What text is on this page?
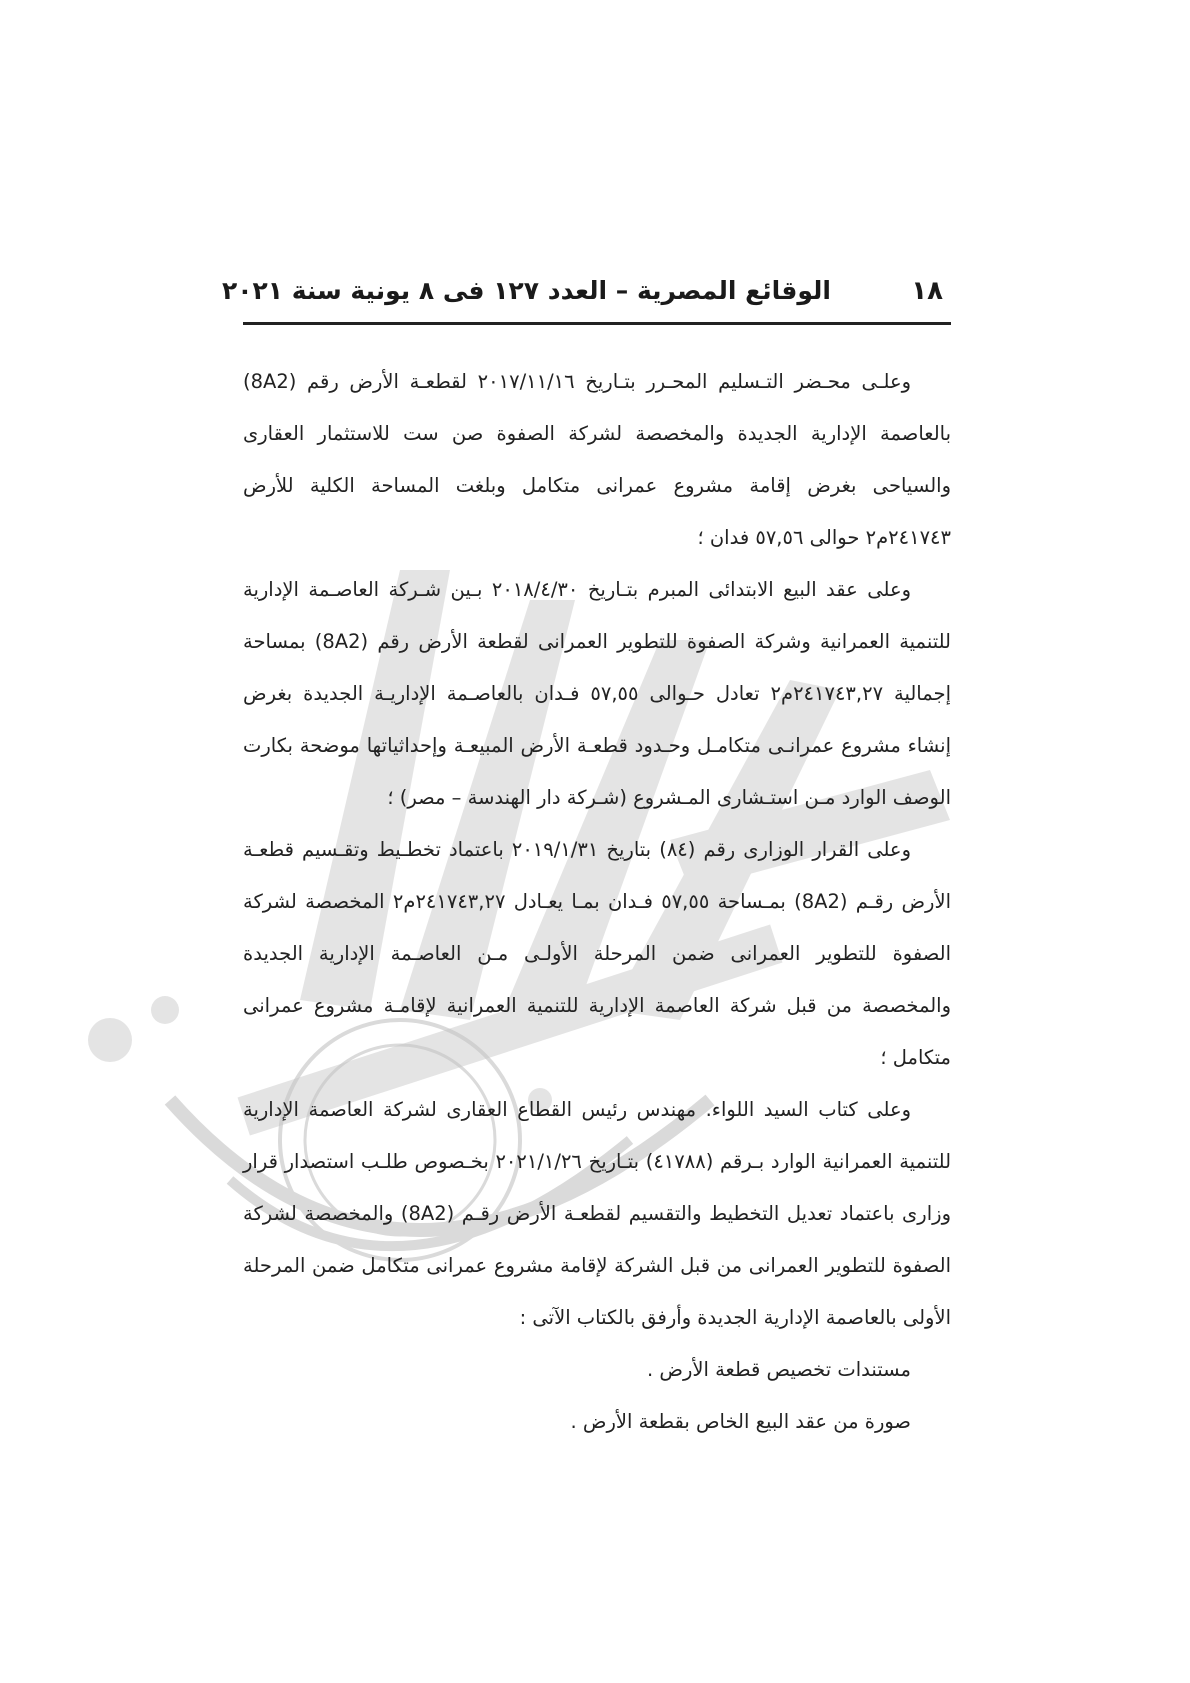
١٨
الوقائع المصرية – العدد ١٢٧ فى ٨ يونية سنة ٢٠٢١

وعلـى محـضر التـسليم المحـرر بتـاريخ ٢٠١٧/١١/١٦ لقطعـة الأرض رقم (8A2) بالعاصمة الإدارية الجديدة والمخصصة لشركة الصفوة صن ست للاستثمار العقارى والسياحى بغرض إقامة مشروع عمرانى متكامل وبلغت المساحة الكلية للأرض ٢٤١٧٤٣م٢ حوالى ٥٧,٥٦ فدان ؛

وعلى عقد البيع الابتدائى المبرم بتـاريخ ٢٠١٨/٤/٣٠ بـين شـركة العاصـمة الإدارية للتنمية العمرانية وشركة الصفوة للتطوير العمرانى لقطعة الأرض رقم (8A2) بمساحة إجمالية ٢٤١٧٤٣,٢٧م٢ تعادل حـوالى ٥٧,٥٥ فـدان بالعاصـمة الإداريـة الجديدة بغرض إنشاء مشروع عمرانـى متكامـل وحـدود قطعـة الأرض المبيعـة وإحداثياتها موضحة بكارت الوصف الوارد مـن استـشارى المـشروع (شـركة دار الهندسة – مصر) ؛

وعلى القرار الوزارى رقم (٨٤) بتاريخ ٢٠١٩/١/٣١ باعتماد تخطـيط وتقـسيم قطعـة الأرض رقـم (8A2) بمـساحة ٥٧,٥٥ فـدان بمـا يعـادل ٢٤١٧٤٣,٢٧م٢ المخصصة لشركة الصفوة للتطوير العمرانى ضمن المرحلة الأولـى مـن العاصـمة الإدارية الجديدة والمخصصة من قبل شركة العاصمة الإدارية للتنمية العمرانية لإقامـة مشروع عمرانى متكامل ؛

وعلى كتاب السيد اللواء. مهندس رئيس القطاع العقارى لشركة العاصمة الإدارية للتنمية العمرانية الوارد بـرقم (٤١٧٨٨) بتـاريخ ٢٠٢١/١/٢٦ بخـصوص طلـب استصدار قرار وزارى باعتماد تعديل التخطيط والتقسيم لقطعـة الأرض رقـم (8A2) والمخصصة لشركة الصفوة للتطوير العمرانى من قبل الشركة لإقامة مشروع عمرانى متكامل ضمن المرحلة الأولى بالعاصمة الإدارية الجديدة وأرفق بالكتاب الآتى :

مستندات تخصيص قطعة الأرض .

صورة من عقد البيع الخاص بقطعة الأرض .
